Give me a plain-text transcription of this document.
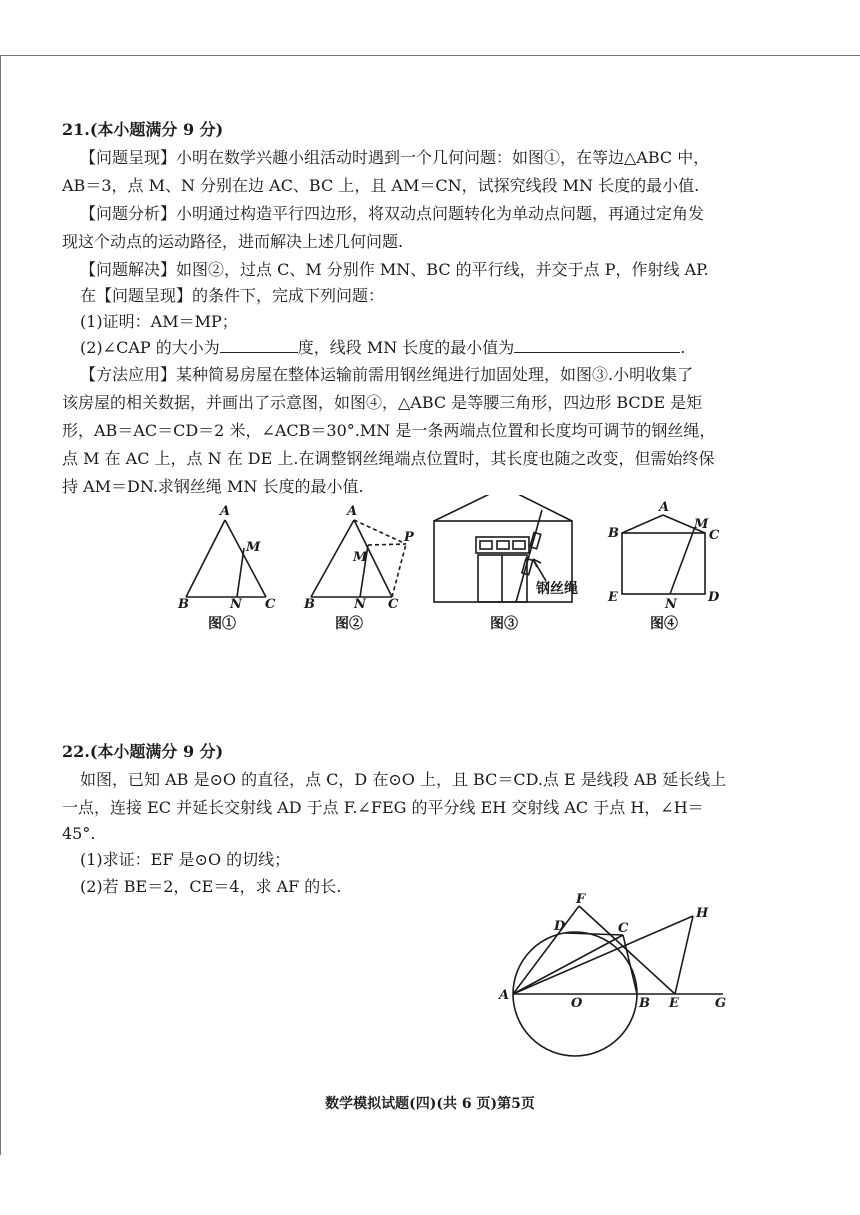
21.(本小题满分 9 分)
【问题呈现】小明在数学兴趣小组活动时遇到一个几何问题：如图①，在等边△ABC 中，
AB＝3，点 M、N 分别在边 AC、BC 上，且 AM＝CN，试探究线段 MN 长度的最小值.
【问题分析】小明通过构造平行四边形，将双动点问题转化为单动点问题，再通过定角发
现这个动点的运动路径，进而解决上述几何问题.
【问题解决】如图②，过点 C、M 分别作 MN、BC 的平行线，并交于点 P，作射线 AP.
在【问题呈现】的条件下，完成下列问题：
(1)证明：AM＝MP；
(2)∠CAP 的大小为	度，线段 MN 长度的最小值为	.
【方法应用】某种简易房屋在整体运输前需用钢丝绳进行加固处理，如图③.小明收集了
该房屋的相关数据，并画出了示意图，如图④，△ABC 是等腰三角形，四边形 BCDE 是矩
形，AB＝AC＝CD＝2 米，∠ACB＝30°.MN 是一条两端点位置和长度均可调节的钢丝绳，
点 M 在 AC 上，点 N 在 DE 上.在调整钢丝绳端点位置时，其长度也随之改变，但需始终保
持 AM＝DN.求钢丝绳 MN 长度的最小值.
A
B	C
M
N
A
B	C
M
N
P
钢丝绳
A
B	C
D
E
M
N
图①	图②	图③	图④
22.(本小题满分 9 分)
如图，已知 AB 是⊙O 的直径，点 C，D 在⊙O 上，且 BC＝CD.点 E 是线段 AB 延长线上
一点，连接 EC 并延长交射线 AD 于点 F.∠FEG 的平分线 EH 交射线 AC 于点 H，∠H＝
45°.
(1)求证：EF 是⊙O 的切线；
(2)若 BE＝2，CE＝4，求 AF 的长.
A
B
C
D
E
F
G
H
O
数学模拟试题(四)(共 6 页)第5页
